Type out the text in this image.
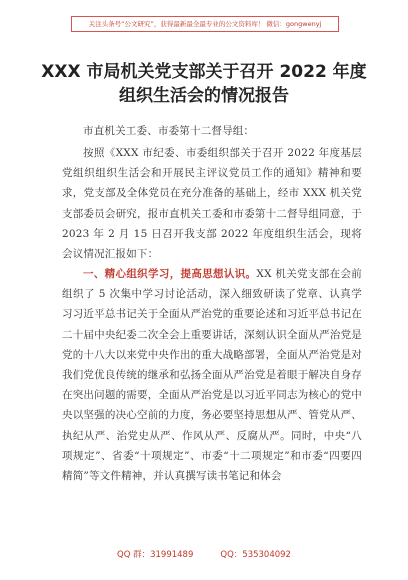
关注头条号“公文研究”，获得最新最全最专业的公文资料库！ 微信：gongwenyj
XXX 市局机关党支部关于召开 2022 年度
组织生活会的情况报告
市直机关工委、市委第十二督导组：
按照《XXX 市纪委、市委组织部关于召开 2022 年度基层党组织组织生活会和开展民主评议党员工作的通知》精神和要求，党支部及全体党员在充分准备的基础上，经市 XXX 机关党支部委员会研究，报市直机关工委和市委第十二督导组同意，于 2023 年 2 月 15 日召开我支部 2022 年度组织生活会，现将会议情况汇报如下：
一、精心组织学习，提高思想认识。XX 机关党支部在会前组织了 5 次集中学习讨论活动，深入细致研读了党章、认真学习习近平总书记关于全面从严治党的重要论述和习近平总书记在二十届中央纪委二次全会上重要讲话，深刻认识全面从严治党是党的十八大以来党中央作出的重大战略部署，全面从严治党是对我们党优良传统的继承和弘扬全面从严治党是着眼于解决自身存在突出问题的需要，全面从严治党是以习近平同志为核心的党中央以坚强的决心空前的力度，务必要坚持思想从严、管党从严、执纪从严、治党史从严、作风从严、反腐从严。同时，中央“八项规定”、省委“十项规定”、市委“十二项规定”和市委“四要四精简”等文件精神，并认真撰写读书笔记和体会
QQ 群：31991489	QQ：535304092
